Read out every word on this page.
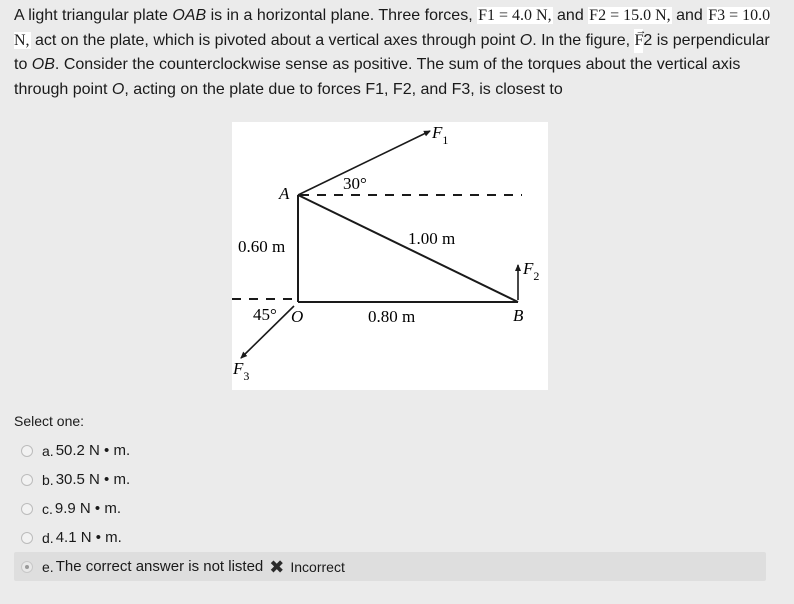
A light triangular plate OAB is in a horizontal plane. Three forces, F1 = 4.0 N, and F2 = 15.0 N, and F3 = 10.0 N, act on the plate, which is pivoted about a vertical axes through point O. In the figure,
→
F2 is perpendicular to OB. Consider the counterclockwise sense as positive. The sum of the torques about the vertical axis through point O, acting on the plate due to forces F1, F2, and F3, is closest to
$F_1$
$F_2$
$F_3$
A
O	B
30°
45°
1.00 m
0.60 m
0.80 m
Select one:
a. 50.2 N • m.
b. 30.5 N • m.
c. 9.9 N • m.
d. 4.1 N • m.
e. The correct answer is not listed ✖ Incorrect
